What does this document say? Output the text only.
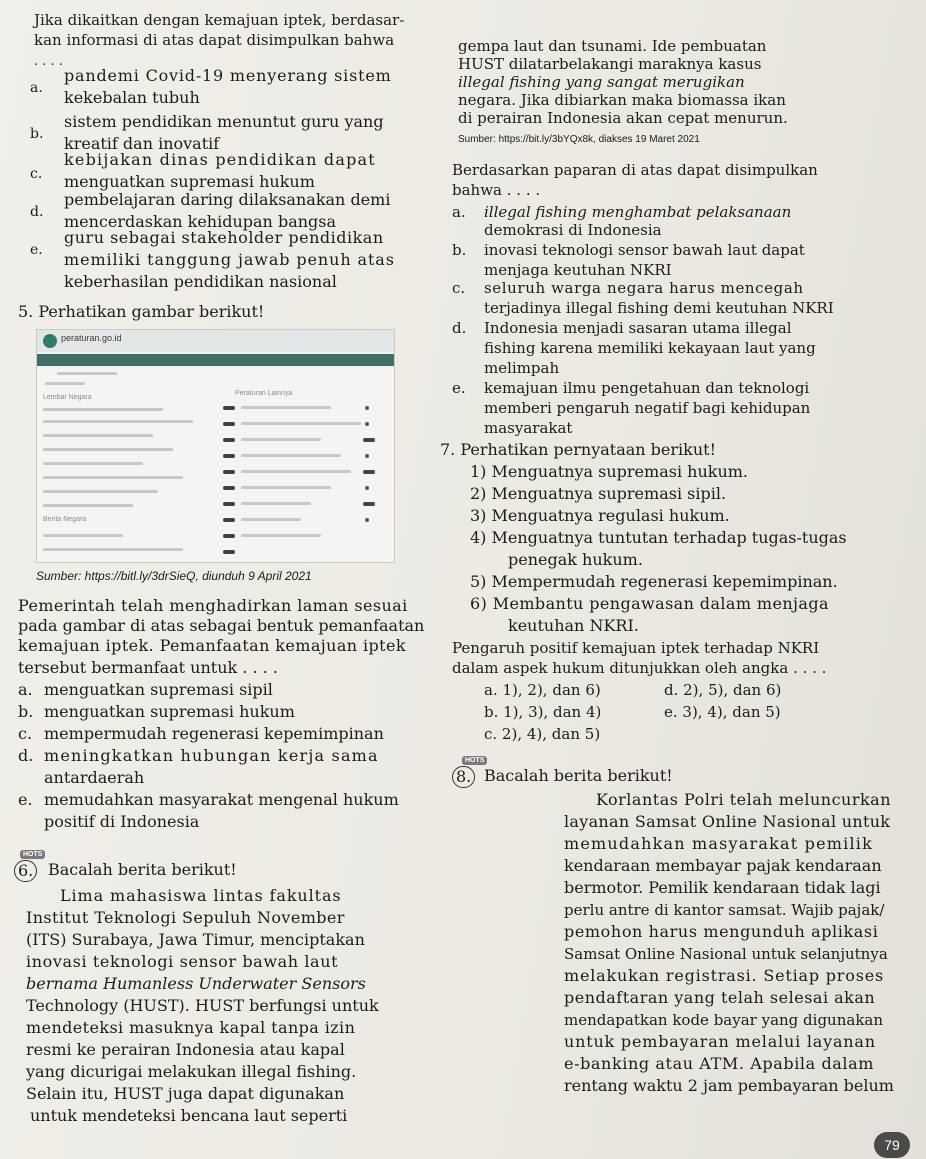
Jika dikaitkan dengan kemajuan iptek, berdasar-
kan informasi di atas dapat disimpulkan bahwa
. . . .
a.
pandemi Covid-19 menyerang sistem
kekebalan tubuh
b.
sistem pendidikan menuntut guru yang
kreatif dan inovatif
c.
kebijakan dinas pendidikan dapat
menguatkan supremasi hukum
d.
pembelajaran daring dilaksanakan demi
mencerdaskan kehidupan bangsa
e.
guru sebagai stakeholder pendidikan
memiliki tanggung jawab penuh atas
keberhasilan pendidikan nasional
5. Perhatikan gambar berikut!
peraturan.go.id
Lembar Negara
Peraturan Lainnya
Berita Negara
Sumber: https://bitl.ly/3drSieQ, diunduh 9 April 2021
Pemerintah telah menghadirkan laman sesuai
pada gambar di atas sebagai bentuk pemanfaatan
kemajuan iptek. Pemanfaatan kemajuan iptek
tersebut bermanfaat untuk . . . .
a. menguatkan supremasi sipil
b. menguatkan supremasi hukum
c. mempermudah regenerasi kepemimpinan
d. meningkatkan hubungan kerja sama
antardaerah
e. memudahkan masyarakat mengenal hukum
positif di Indonesia
HOTS
6. Bacalah berita berikut!
Lima mahasiswa lintas fakultas
Institut Teknologi Sepuluh November
(ITS) Surabaya, Jawa Timur, menciptakan
inovasi teknologi sensor bawah laut
bernama Humanless Underwater Sensors
Technology (HUST). HUST berfungsi untuk
mendeteksi masuknya kapal tanpa izin
resmi ke perairan Indonesia atau kapal
yang dicurigai melakukan illegal fishing.
Selain itu, HUST juga dapat digunakan
untuk mendeteksi bencana laut seperti
gempa laut dan tsunami. Ide pembuatan
HUST dilatarbelakangi maraknya kasus
illegal fishing yang sangat merugikan
negara. Jika dibiarkan maka biomassa ikan
di perairan Indonesia akan cepat menurun.
Sumber: https://bit.ly/3bYQx8k, diakses 19 Maret 2021
Berdasarkan paparan di atas dapat disimpulkan
bahwa . . . .
a. illegal fishing menghambat pelaksanaan
demokrasi di Indonesia
b. inovasi teknologi sensor bawah laut dapat
menjaga keutuhan NKRI
c. seluruh warga negara harus mencegah
terjadinya illegal fishing demi keutuhan NKRI
d. Indonesia menjadi sasaran utama illegal
fishing karena memiliki kekayaan laut yang
melimpah
e. kemajuan ilmu pengetahuan dan teknologi
memberi pengaruh negatif bagi kehidupan
masyarakat
7. Perhatikan pernyataan berikut!
1) Menguatnya supremasi hukum.
2) Menguatnya supremasi sipil.
3) Menguatnya regulasi hukum.
4) Menguatnya tuntutan terhadap tugas-tugas
penegak hukum.
5) Mempermudah regenerasi kepemimpinan.
6) Membantu pengawasan dalam menjaga
keutuhan NKRI.
Pengaruh positif kemajuan iptek terhadap NKRI
dalam aspek hukum ditunjukkan oleh angka . . . .
a. 1), 2), dan 6)	d. 2), 5), dan 6)
b. 1), 3), dan 4)	e. 3), 4), dan 5)
c. 2), 4), dan 5)
HOTS
8. Bacalah berita berikut!
Korlantas Polri telah meluncurkan
layanan Samsat Online Nasional untuk
memudahkan masyarakat pemilik
kendaraan membayar pajak kendaraan
bermotor. Pemilik kendaraan tidak lagi
perlu antre di kantor samsat. Wajib pajak/
pemohon harus mengunduh aplikasi
Samsat Online Nasional untuk selanjutnya
melakukan registrasi. Setiap proses
pendaftaran yang telah selesai akan
mendapatkan kode bayar yang digunakan
untuk pembayaran melalui layanan
e-banking atau ATM. Apabila dalam
rentang waktu 2 jam pembayaran belum
79
